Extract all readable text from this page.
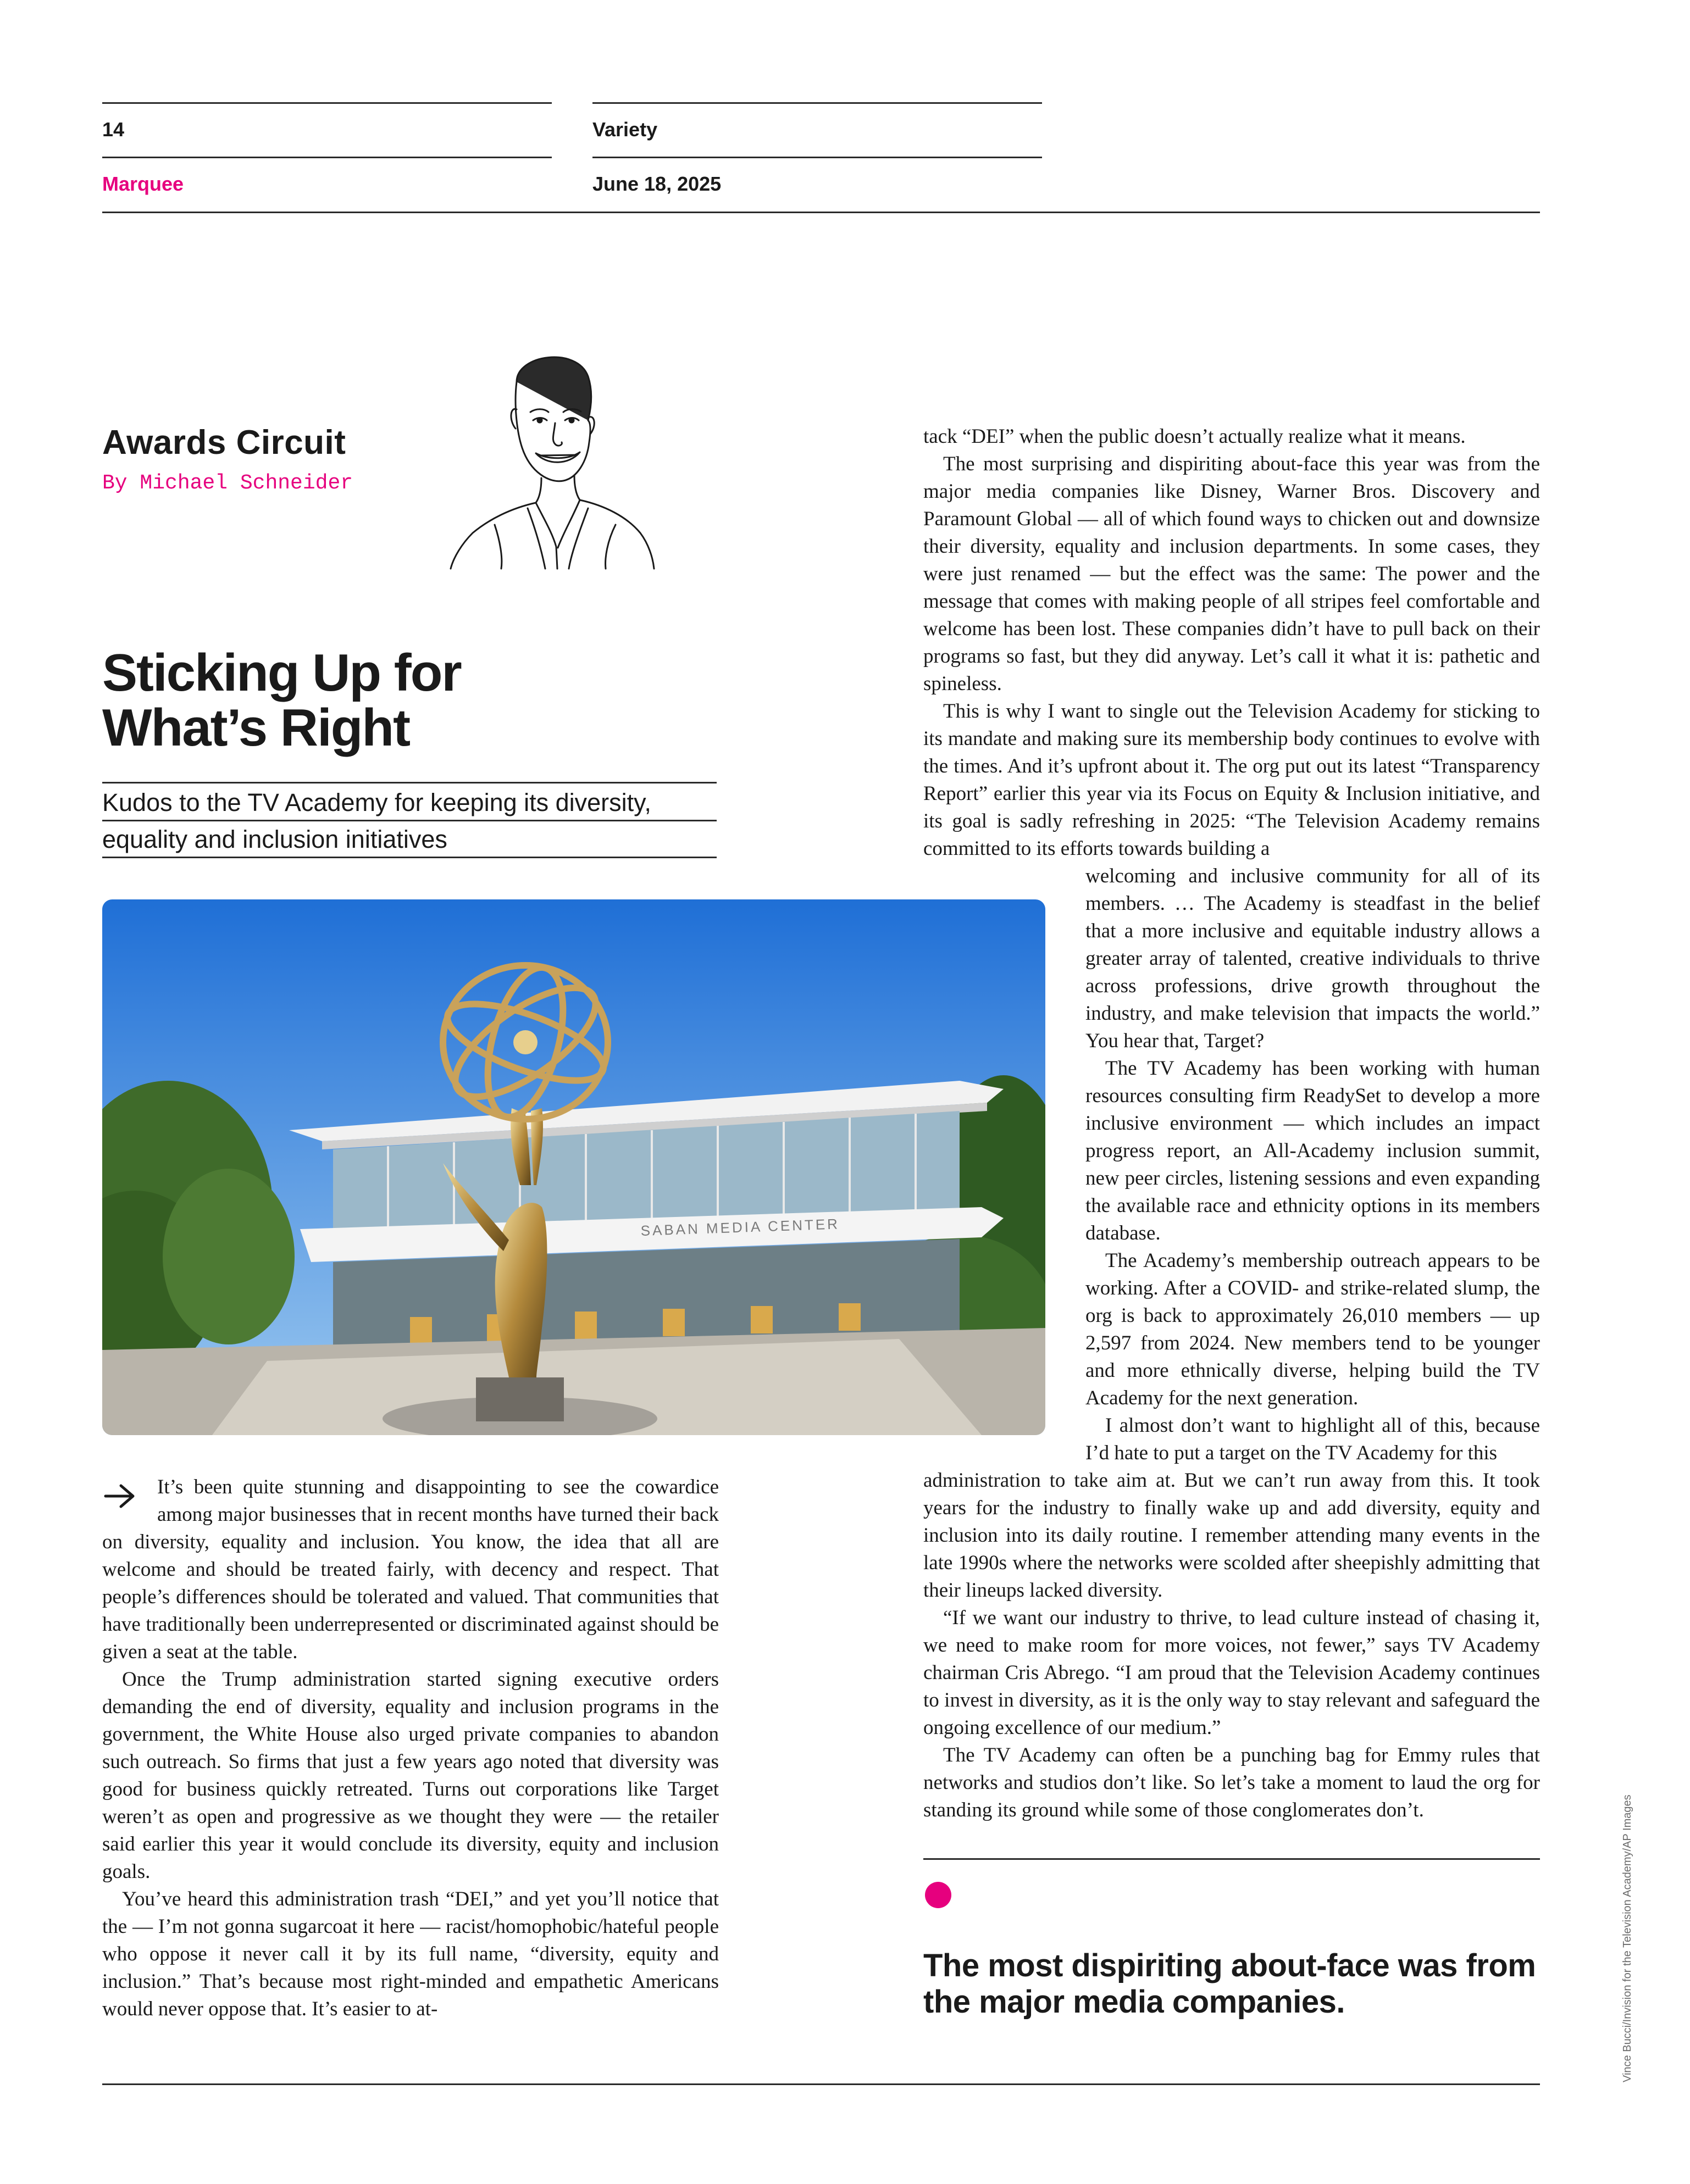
14	Variety
Marquee	June 18, 2025
Awards Circuit
By Michael Schneider
Sticking Up for
What’s Right
Kudos to the TV Academy for keeping its diversity,
equality and inclusion initiatives
SABAN MEDIA CENTER

It’s been quite stunning and disappointing to see the cowardice among major businesses that in recent months have turned their back on diversity, equality and inclusion. You know, the idea that all are welcome and should be treated fairly, with decency and respect. That people’s differences should be tolerated and valued. That communities that have traditionally been underrepresented or discriminated against should be given a seat at the table.

Once the Trump administration started signing executive orders demanding the end of diversity, equality and inclusion programs in the government, the White House also urged private companies to abandon such outreach. So firms that just a few years ago noted that diversity was good for business quickly retreated. Turns out corporations like Target weren’t as open and progressive as we thought they were — the retailer said earlier this year it would conclude its diversity, equity and inclusion goals.

You’ve heard this administration trash “DEI,” and yet you’ll notice that the — I’m not gonna sugarcoat it here — racist/homophobic/hateful people who oppose it never call it by its full name, “diversity, equity and inclusion.” That’s because most right-minded and empathetic Americans would never oppose that. It’s easier to at-

tack “DEI” when the public doesn’t actually realize what it means.

The most surprising and dispiriting about-face this year was from the major media companies like Disney, Warner Bros. Discovery and Paramount Global — all of which found ways to chicken out and downsize their diversity, equality and inclusion departments. In some cases, they were just renamed — but the effect was the same: The power and the message that comes with making people of all stripes feel comfortable and welcome has been lost. These companies didn’t have to pull back on their programs so fast, but they did anyway. Let’s call it what it is: pathetic and spineless.

This is why I want to single out the Television Academy for sticking to its mandate and making sure its membership body continues to evolve with the times. And it’s upfront about it. The org put out its latest “Transparency Report” earlier this year via its Focus on Equity & Inclusion initiative, and its goal is sadly refreshing in 2025: “The Television Academy remains committed to its efforts towards building a

welcoming and inclusive community for all of its members. … The Academy is steadfast in the belief that a more inclusive and equitable industry allows a greater array of talented, creative individuals to thrive across professions, drive growth throughout the industry, and make television that impacts the world.” You hear that, Target?

The TV Academy has been working with human resources consulting firm ReadySet to develop a more inclusive environment — which includes an impact progress report, an All-Academy inclusion summit, new peer circles, listening sessions and even expanding the available race and ethnicity options in its members database.

The Academy’s membership outreach appears to be working. After a COVID- and strike-related slump, the org is back to approximately 26,010 members — up 2,597 from 2024. New members tend to be younger and more ethnically diverse, helping build the TV Academy for the next generation.

I almost don’t want to highlight all of this, because I’d hate to put a target on the TV Academy for this

administration to take aim at. But we can’t run away from this. It took years for the industry to finally wake up and add diversity, equity and inclusion into its daily routine. I remember attending many events in the late 1990s where the networks were scolded after sheepishly admitting that their lineups lacked diversity.

“If we want our industry to thrive, to lead culture instead of chasing it, we need to make room for more voices, not fewer,” says TV Academy chairman Cris Abrego. “I am proud that the Television Academy continues to invest in diversity, as it is the only way to stay relevant and safeguard the ongoing excellence of our medium.”

The TV Academy can often be a punching bag for Emmy rules that networks and studios don’t like. So let’s take a moment to laud the org for standing its ground while some of those conglomerates don’t.

The most dispiriting about-face was from the major media companies.	Vince Bucci/Invision for the Television Academy/AP Images
